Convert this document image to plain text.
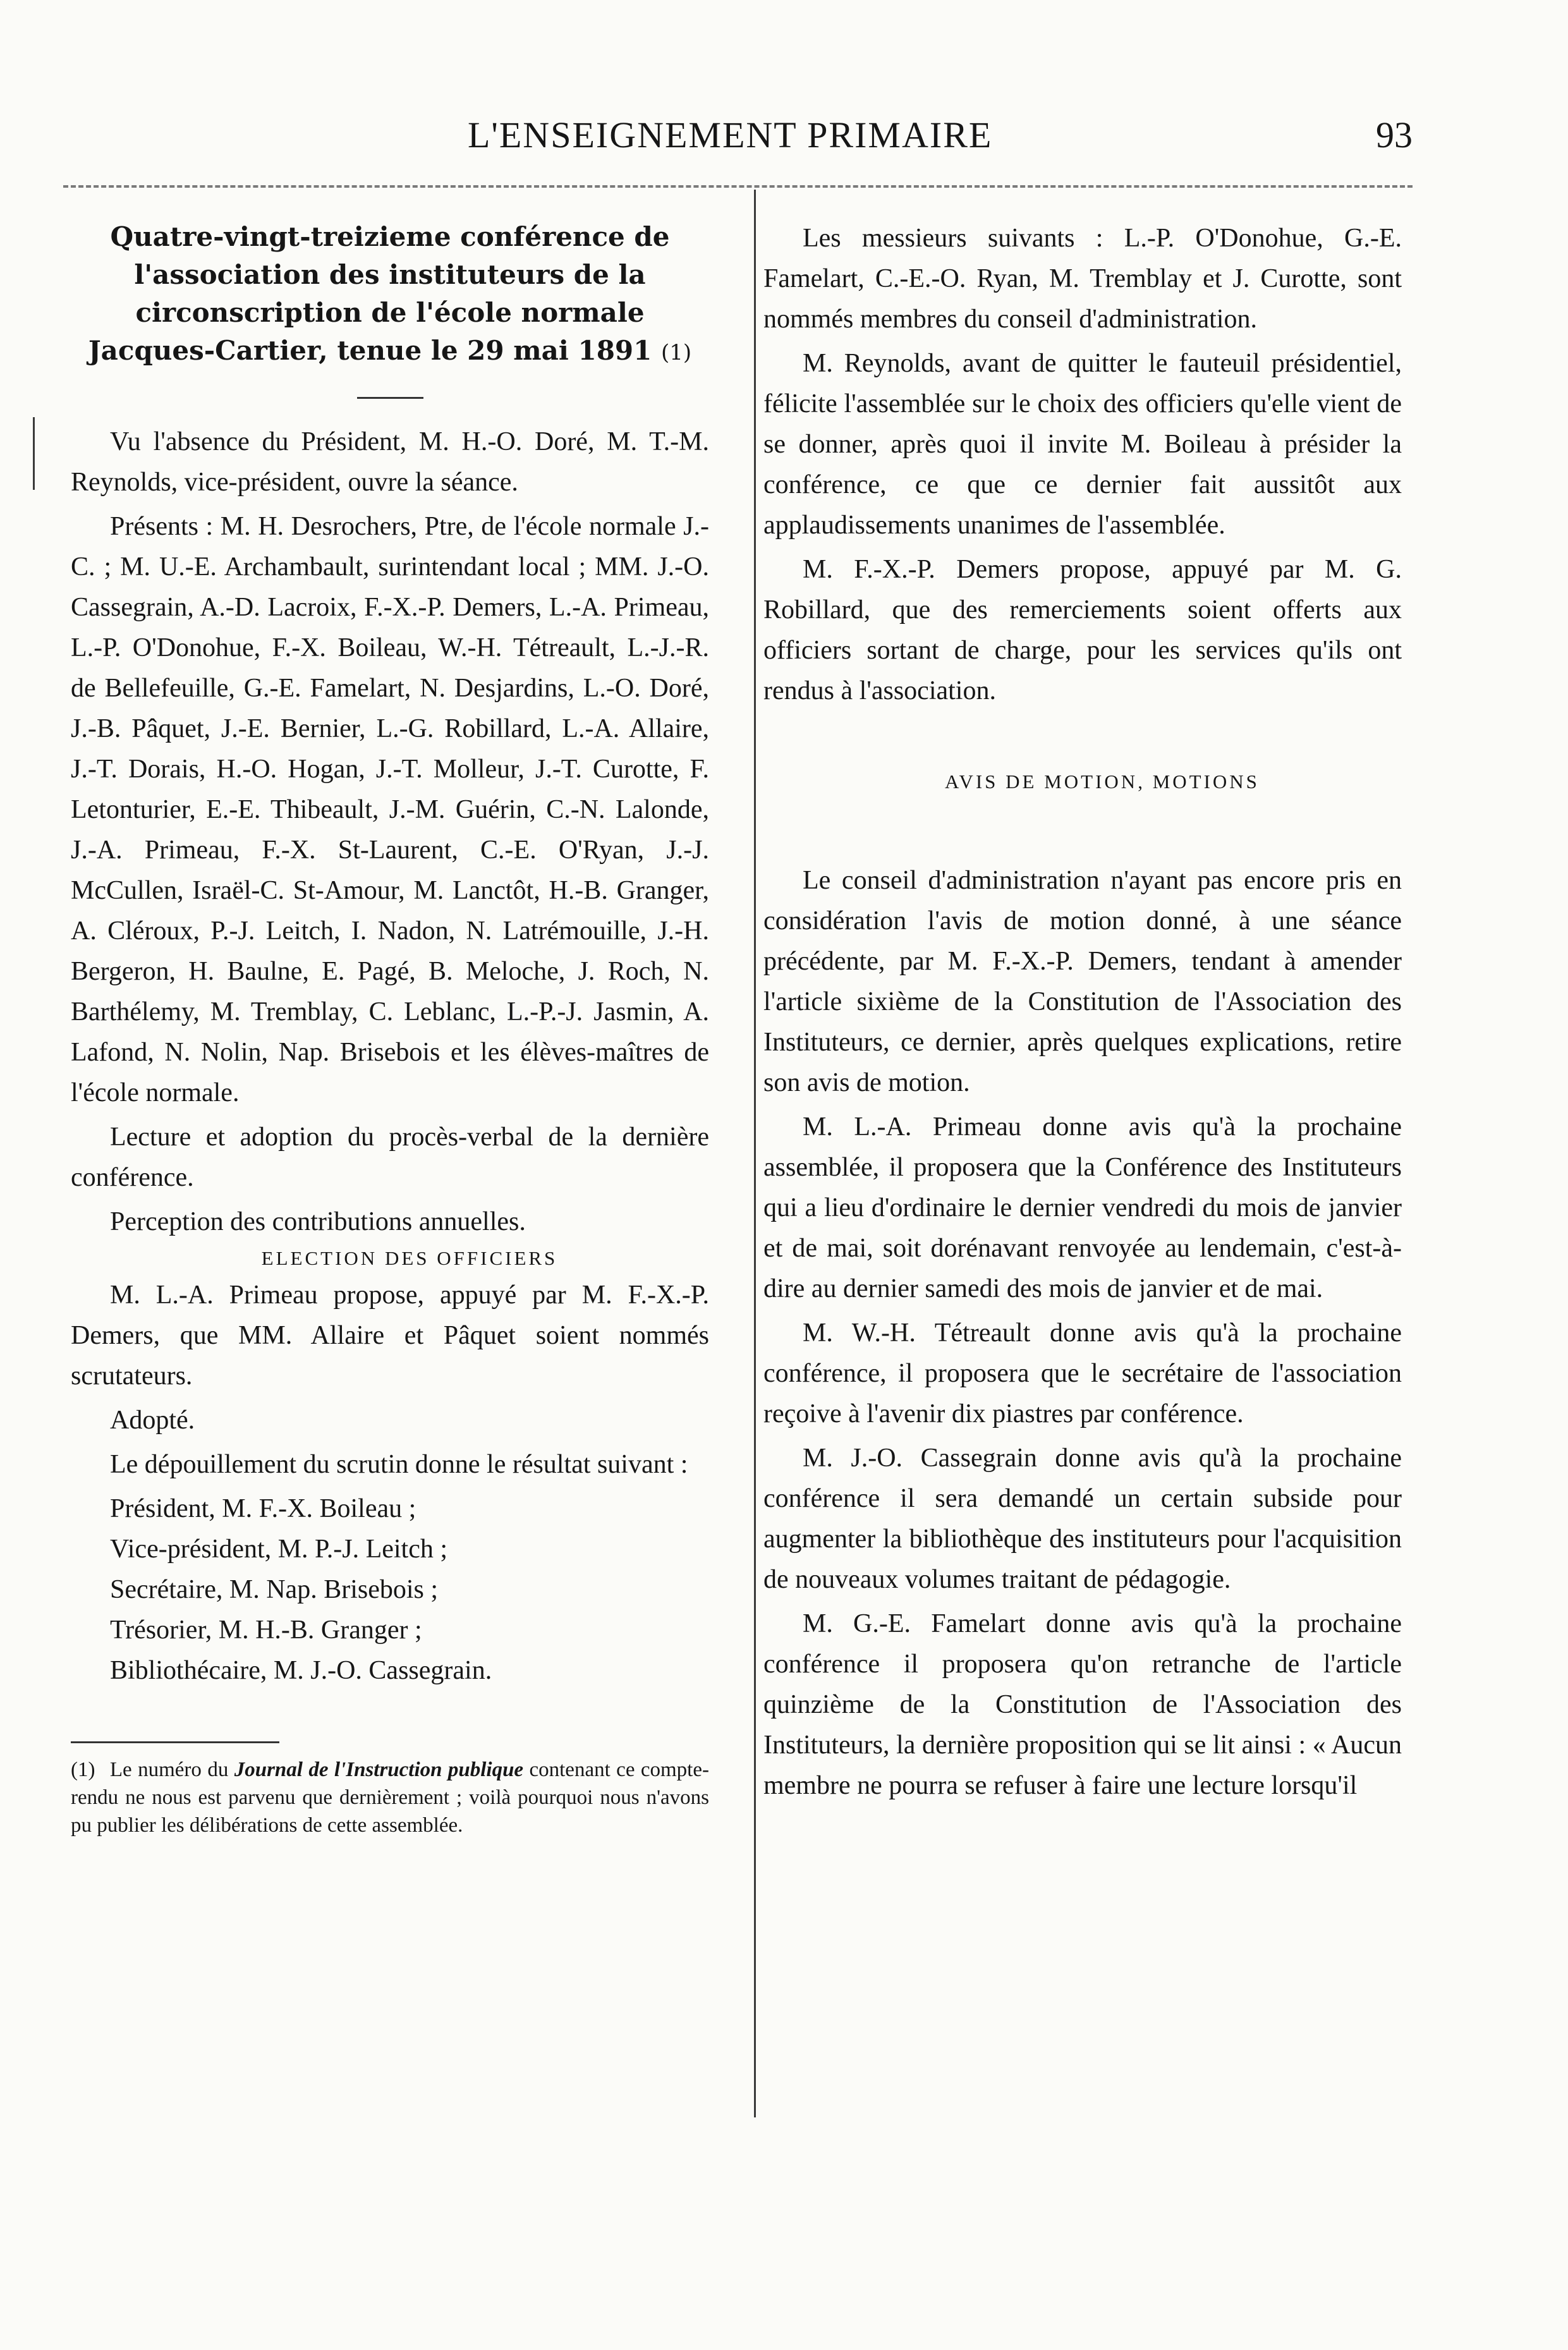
L'ENSEIGNEMENT PRIMAIRE	93
Quatre-vingt-treizieme conférence de l'association des instituteurs de la circonscription de l'école normale Jacques-Cartier, tenue le 29 mai 1891 (1)

Vu l'absence du Président, M. H.-O. Doré, M. T.-M. Reynolds, vice-président, ouvre la séance.

Présents : M. H. Desrochers, Ptre, de l'école normale J.-C. ; M. U.-E. Archambault, surintendant local ; MM. J.-O. Cassegrain, A.-D. Lacroix, F.-X.-P. Demers, L.-A. Primeau, L.-P. O'Donohue, F.-X. Boileau, W.-H. Tétreault, L.-J.-R. de Bellefeuille, G.-E. Famelart, N. Desjardins, L.-O. Doré, J.-B. Pâquet, J.-E. Bernier, L.-G. Robillard, L.-A. Allaire, J.-T. Dorais, H.-O. Hogan, J.-T. Molleur, J.-T. Curotte, F. Letonturier, E.-E. Thibeault, J.-M. Guérin, C.-N. Lalonde, J.-A. Primeau, F.-X. St-Laurent, C.-E. O'Ryan, J.-J. McCullen, Israël-C. St-Amour, M. Lanctôt, H.-B. Granger, A. Cléroux, P.-J. Leitch, I. Nadon, N. Latrémouille, J.-H. Bergeron, H. Baulne, E. Pagé, B. Meloche, J. Roch, N. Barthélemy, M. Tremblay, C. Leblanc, L.-P.-J. Jasmin, A. Lafond, N. Nolin, Nap. Brisebois et les élèves-maîtres de l'école normale.

Lecture et adoption du procès-verbal de la dernière conférence.

Perception des contributions annuelles.

ELECTION DES OFFICIERS

M. L.-A. Primeau propose, appuyé par M. F.-X.-P. Demers, que MM. Allaire et Pâquet soient nommés scrutateurs.

Adopté.

Le dépouillement du scrutin donne le résultat suivant :

Président, M. F.-X. Boileau ;
Vice-président, M. P.-J. Leitch ;
Secrétaire, M. Nap. Brisebois ;
Trésorier, M. H.-B. Granger ;
Bibliothécaire, M. J.-O. Cassegrain.

(1) Le numéro du Journal de l'Instruction publique contenant ce compte-rendu ne nous est parvenu que dernièrement ; voilà pourquoi nous n'avons pu publier les délibérations de cette assemblée.

Les messieurs suivants : L.-P. O'Donohue, G.-E. Famelart, C.-E.-O. Ryan, M. Tremblay et J. Curotte, sont nommés membres du conseil d'administration.

M. Reynolds, avant de quitter le fauteuil présidentiel, félicite l'assemblée sur le choix des officiers qu'elle vient de se donner, après quoi il invite M. Boileau à présider la conférence, ce que ce dernier fait aussitôt aux applaudissements unanimes de l'assemblée.

M. F.-X.-P. Demers propose, appuyé par M. G. Robillard, que des remerciements soient offerts aux officiers sortant de charge, pour les services qu'ils ont rendus à l'association.

AVIS DE MOTION, MOTIONS

Le conseil d'administration n'ayant pas encore pris en considération l'avis de motion donné, à une séance précédente, par M. F.-X.-P. Demers, tendant à amender l'article sixième de la Constitution de l'Association des Instituteurs, ce dernier, après quelques explications, retire son avis de motion.

M. L.-A. Primeau donne avis qu'à la prochaine assemblée, il proposera que la Conférence des Instituteurs qui a lieu d'ordinaire le dernier vendredi du mois de janvier et de mai, soit dorénavant renvoyée au lendemain, c'est-à-dire au dernier samedi des mois de janvier et de mai.

M. W.-H. Tétreault donne avis qu'à la prochaine conférence, il proposera que le secrétaire de l'association reçoive à l'avenir dix piastres par conférence.

M. J.-O. Cassegrain donne avis qu'à la prochaine conférence il sera demandé un certain subside pour augmenter la bibliothèque des instituteurs pour l'acquisition de nouveaux volumes traitant de pédagogie.

M. G.-E. Famelart donne avis qu'à la prochaine conférence il proposera qu'on retranche de l'article quinzième de la Constitution de l'Association des Instituteurs, la dernière proposition qui se lit ainsi : « Aucun membre ne pourra se refuser à faire une lecture lorsqu'il
